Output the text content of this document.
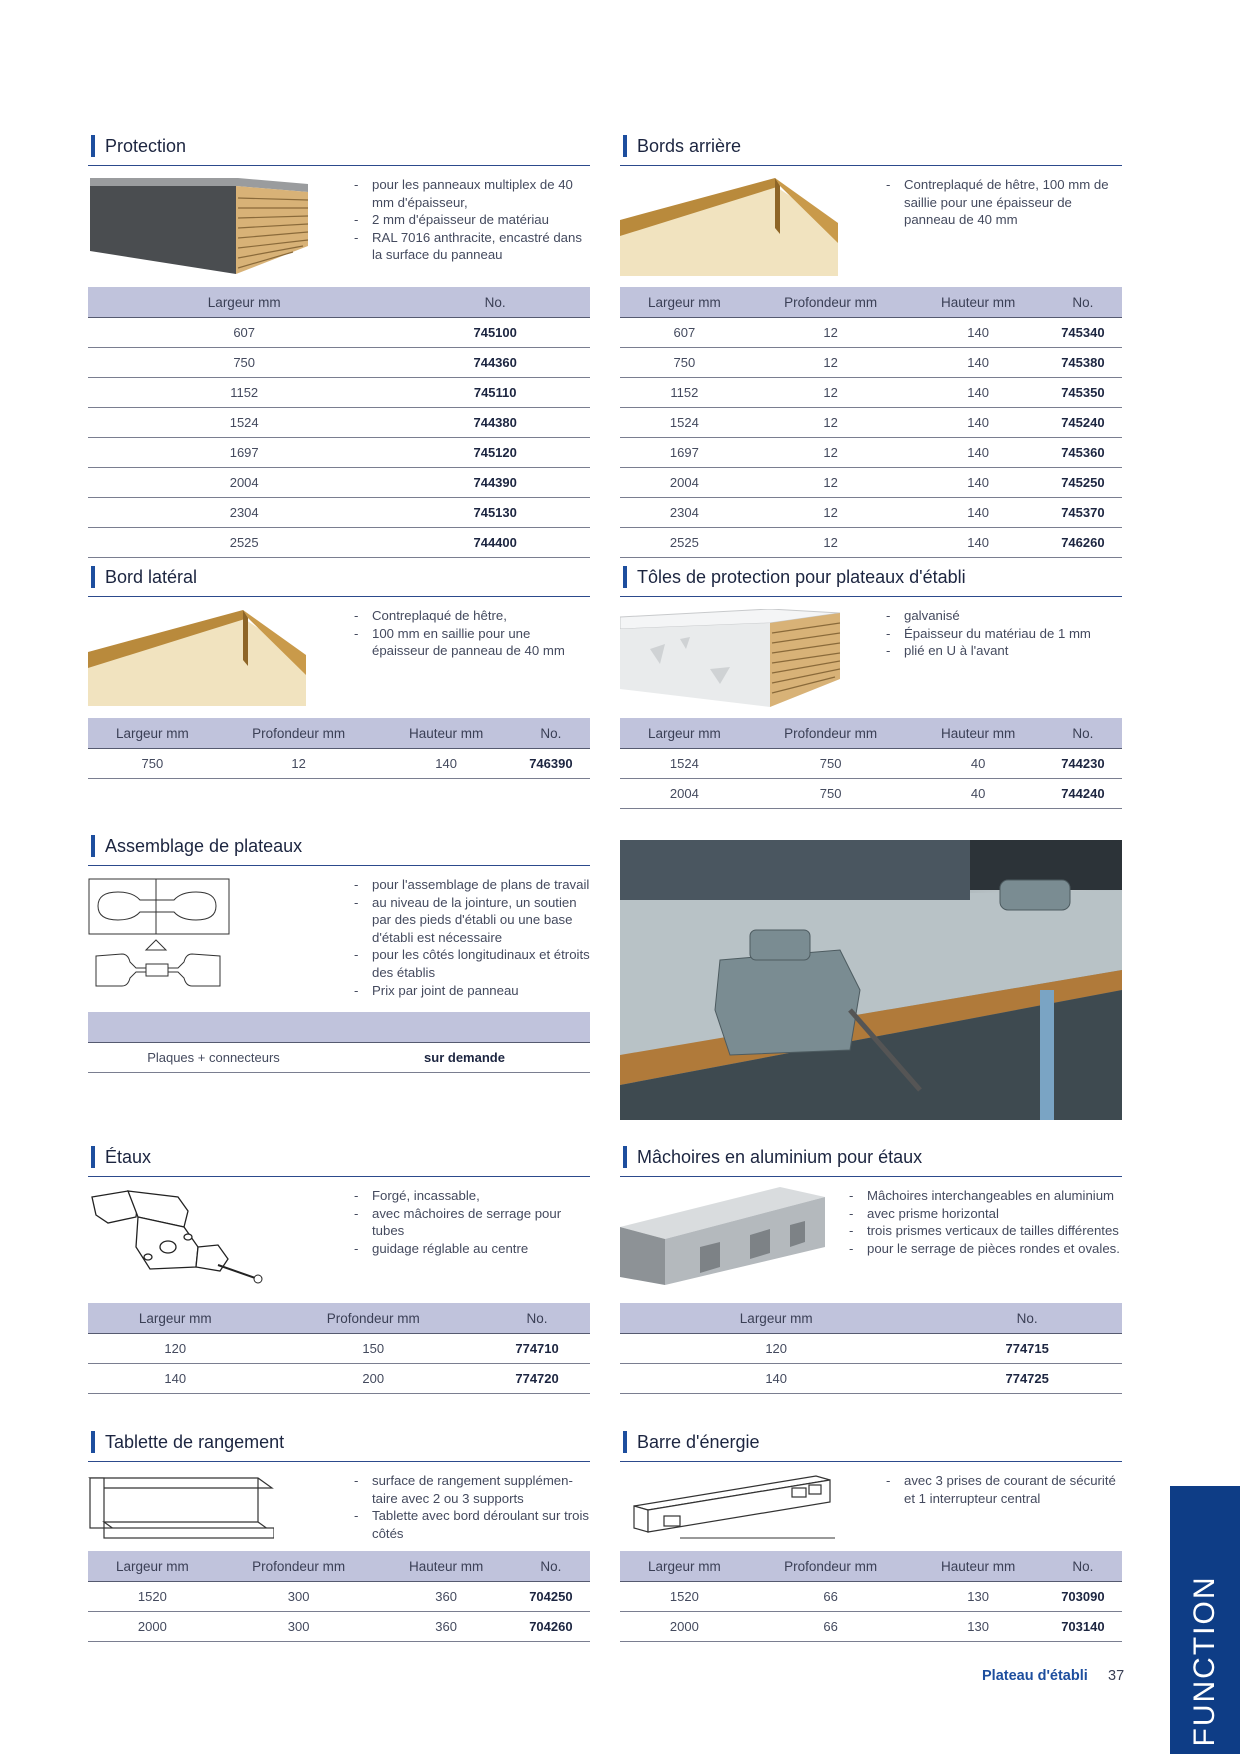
Protection
- pour les panneaux multiplex de 40 mm d'épaisseur,
- 2 mm d'épaisseur de matériau
- RAL 7016 anthracite, encastré dans la surface du panneau
Largeur mm	No.
607	745100
750	744360
1152	745110
1524	744380
1697	745120
2004	744390
2304	745130
2525	744400
Bords arrière
- Contreplaqué de hêtre, 100 mm de saillie pour une épaisseur de panneau de 40 mm
Largeur mm	Profondeur mm	Hauteur mm	No.
607	12	140	745340
750	12	140	745380
1152	12	140	745350
1524	12	140	745240
1697	12	140	745360
2004	12	140	745250
2304	12	140	745370
2525	12	140	746260
Bord latéral
- Contreplaqué de hêtre,
- 100 mm en saillie pour une épaisseur de panneau de 40 mm
Largeur mm	Profondeur mm	Hauteur mm	No.
750	12	140	746390
Tôles de protection pour plateaux d'établi
- galvanisé
- Épaisseur du matériau de 1 mm
- plié en U à l'avant
Largeur mm	Profondeur mm	Hauteur mm	No.
1524	750	40	744230
2004	750	40	744240
Assemblage de plateaux
- pour l'assemblage de plans de travail
- au niveau de la jointure, un soutien par des pieds d'établi ou une base d'établi est nécessaire
- pour les côtés longitudinaux et étroits des établis
- Prix par joint de panneau

Plaques + connecteurs	sur demande
Étaux
- Forgé, incassable,
- avec mâchoires de serrage pour tubes
- guidage réglable au centre
Largeur mm	Profondeur mm	No.
120	150	774710
140	200	774720
Mâchoires en aluminium pour étaux
- Mâchoires interchangeables en aluminium
- avec prisme horizontal
- trois prismes verticaux de tailles différentes
- pour le serrage de pièces rondes et ovales.
Largeur mm	No.
120	774715
140	774725
Tablette de rangement
- surface de rangement supplémen-taire avec 2 ou 3 supports
- Tablette avec bord déroulant sur trois côtés
Largeur mm	Profondeur mm	Hauteur mm	No.
1520	300	360	704250
2000	300	360	704260
Barre d'énergie
- avec 3 prises de courant de sécurité et 1 interrupteur central
Largeur mm	Profondeur mm	Hauteur mm	No.
1520	66	130	703090
2000	66	130	703140
Plateau d'établi 37 FUNCTION
